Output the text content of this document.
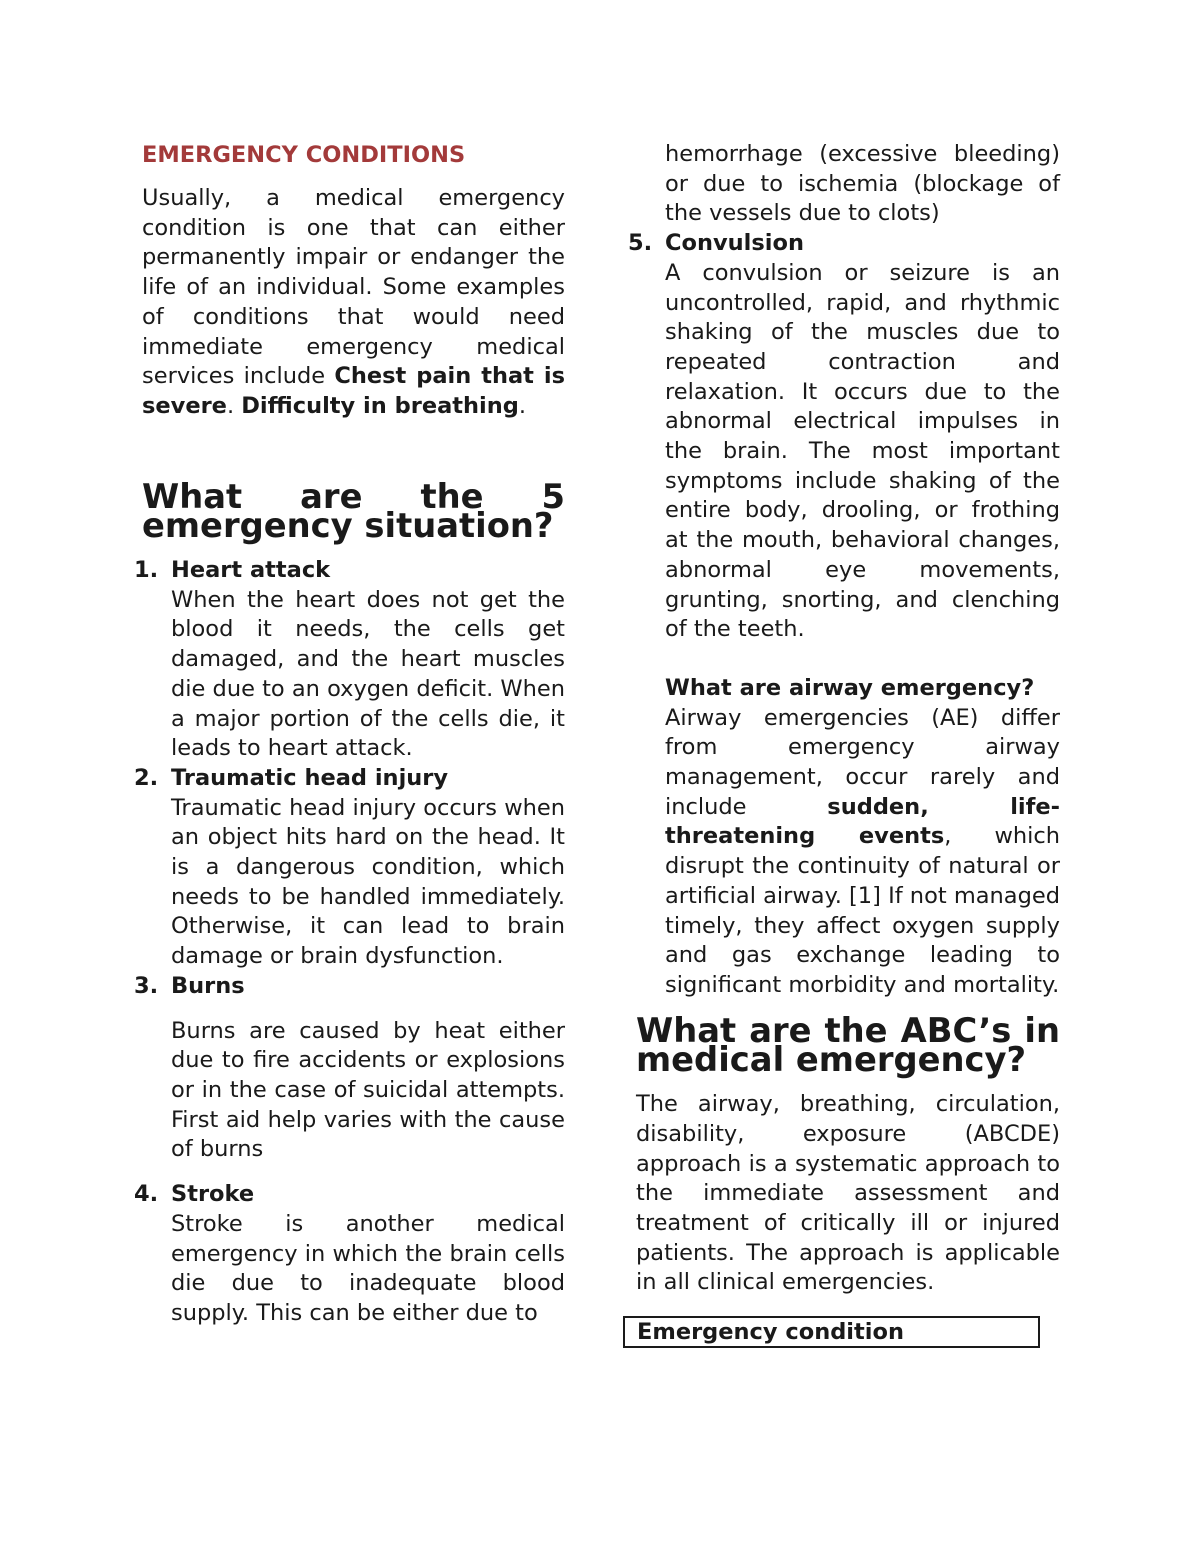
EMERGENCY CONDITIONS

Usually, a medical emergency condition is one that can either permanently impair or endanger the life of an individual. Some examples of conditions that would need immediate emergency medical services include Chest pain that is severe. Difficulty in breathing.

What are the 5 emergency situation?
1. Heart attack

When the heart does not get the blood it needs, the cells get damaged, and the heart muscles die due to an oxygen deficit. When a major portion of the cells die, it leads to heart attack.

2. Traumatic head injury

Traumatic head injury occurs when an object hits hard on the head. It is a dangerous condition, which needs to be handled immediately. Otherwise, it can lead to brain damage or brain dysfunction.

3. Burns

Burns are caused by heat either due to fire accidents or explosions or in the case of suicidal attempts. First aid help varies with the cause of burns

4. Stroke

Stroke is another medical emergency in which the brain cells die due to inadequate blood supply. This can be either due to

hemorrhage (excessive bleeding) or due to ischemia (blockage of the vessels due to clots)

5. Convulsion

A convulsion or seizure is an uncontrolled, rapid, and rhythmic shaking of the muscles due to repeated contraction and relaxation. It occurs due to the abnormal electrical impulses in the brain. The most important symptoms include shaking of the entire body, drooling, or frothing at the mouth, behavioral changes, abnormal eye movements, grunting, snorting, and clenching of the teeth.

What are airway emergency?

Airway emergencies (AE) differ from emergency airway management, occur rarely and include sudden, life-threatening events, which disrupt the continuity of natural or artificial airway. [1] If not managed timely, they affect oxygen supply and gas exchange leading to significant morbidity and mortality.

What are the ABC’s in medical emergency?

The airway, breathing, circulation, disability, exposure (ABCDE) approach is a systematic approach to the immediate assessment and treatment of critically ill or injured patients. The approach is applicable in all clinical emergencies.

Emergency condition
